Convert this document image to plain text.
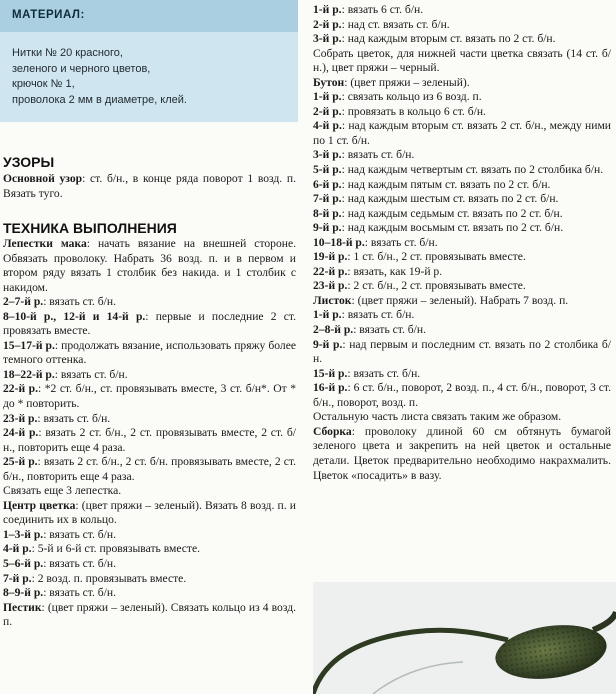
МАТЕРИАЛ:
Нитки № 20 красного,
зеленого и черного цветов,
крючок № 1,
проволока 2 мм в диаметре, клей.
УЗОРЫ

Основной узор: ст. б/н., в конце ряда поворот 1 возд. п. Вязать туго.

ТЕХНИКА ВЫПОЛНЕНИЯ

Лепестки мака: начать вязание на внешней стороне. Обвязать проволоку. Набрать 36 возд. п. и в первом и втором ряду вязать 1 столбик без накида. и 1 столбик с накидом.

2–7-й р.: вязать ст. б/н.

8–10-й р., 12-й и 14-й р.: первые и последние 2 ст. провязать вместе.

15–17-й р.: продолжать вязание, использовать пряжу более темного оттенка.

18–22-й р.: вязать ст. б/н.

22-й р.: *2 ст. б/н., ст. провязывать вместе, 3 ст. б/н*. От * до * повторить.

23-й р.: вязать ст. б/н.

24-й р.: вязать 2 ст. б/н., 2 ст. провязывать вместе, 2 ст. б/н., повторить еще 4 раза.

25-й р.: вязать 2 ст. б/н., 2 ст. б/н. провязывать вместе, 2 ст. б/н., повторить еще 4 раза.

Связать еще 3 лепестка.

Центр цветка: (цвет пряжи – зеленый). Вязать 8 возд. п. и соединить их в кольцо.

1–3-й р.: вязать ст. б/н.

4-й р.: 5-й и 6-й ст. провязывать вместе.

5–6-й р.: вязать ст. б/н.

7-й р.: 2 возд. п. провязывать вместе.

8–9-й р.: вязать ст. б/н.

Пестик: (цвет пряжи – зеленый). Связать кольцо из 4 возд. п.

1-й р.: вязать 6 ст. б/н.

2-й р.: над ст. вязать ст. б/н.

3-й р.: над каждым вторым ст. вязать по 2 ст. б/н.

Собрать цветок, для нижней части цветка связать (14 ст. б/н.), цвет пряжи – черный.

Бутон: (цвет пряжи – зеленый).

1-й р.: связать кольцо из 6 возд. п.

2-й р.: провязать в кольцо 6 ст. б/н.

4-й р.: над каждым вторым ст. вязать 2 ст. б/н., между ними по 1 ст. б/н.

3-й р.: вязать ст. б/н.

5-й р.: над каждым четвертым ст. вязать по 2 столбика б/н.

6-й р.: над каждым пятым ст. вязать по 2 ст. б/н.

7-й р.: над каждым шестым ст. вязать по 2 ст. б/н.

8-й р.: над каждым седьмым ст. вязать по 2 ст. б/н.

9-й р.: над каждым восьмым ст. вязать по 2 ст. б/н.

10–18-й р.: вязать ст. б/н.

19-й р.: 1 ст. б/н., 2 ст. провязывать вместе.

22-й р.: вязать, как 19-й р.

23-й р.: 2 ст. б/н., 2 ст. провязывать вместе.

Листок: (цвет пряжи – зеленый). Набрать 7 возд. п.

1-й р.: вязать ст. б/н.

2–8-й р.: вязать ст. б/н.

9-й р.: над первым и последним ст. вязать по 2 столбика б/н.

15-й р.: вязать ст. б/н.

16-й р.: 6 ст. б/н., поворот, 2 возд. п., 4 ст. б/н., поворот, 3 ст. б/н., поворот, возд. п.

Остальную часть листа связать таким же образом.

Сборка: проволоку длиной 60 см обтянуть бумагой зеленого цвета и закрепить на ней цветок и остальные детали. Цветок предварительно необходимо накрахмалить. Цветок «посадить» в вазу.
